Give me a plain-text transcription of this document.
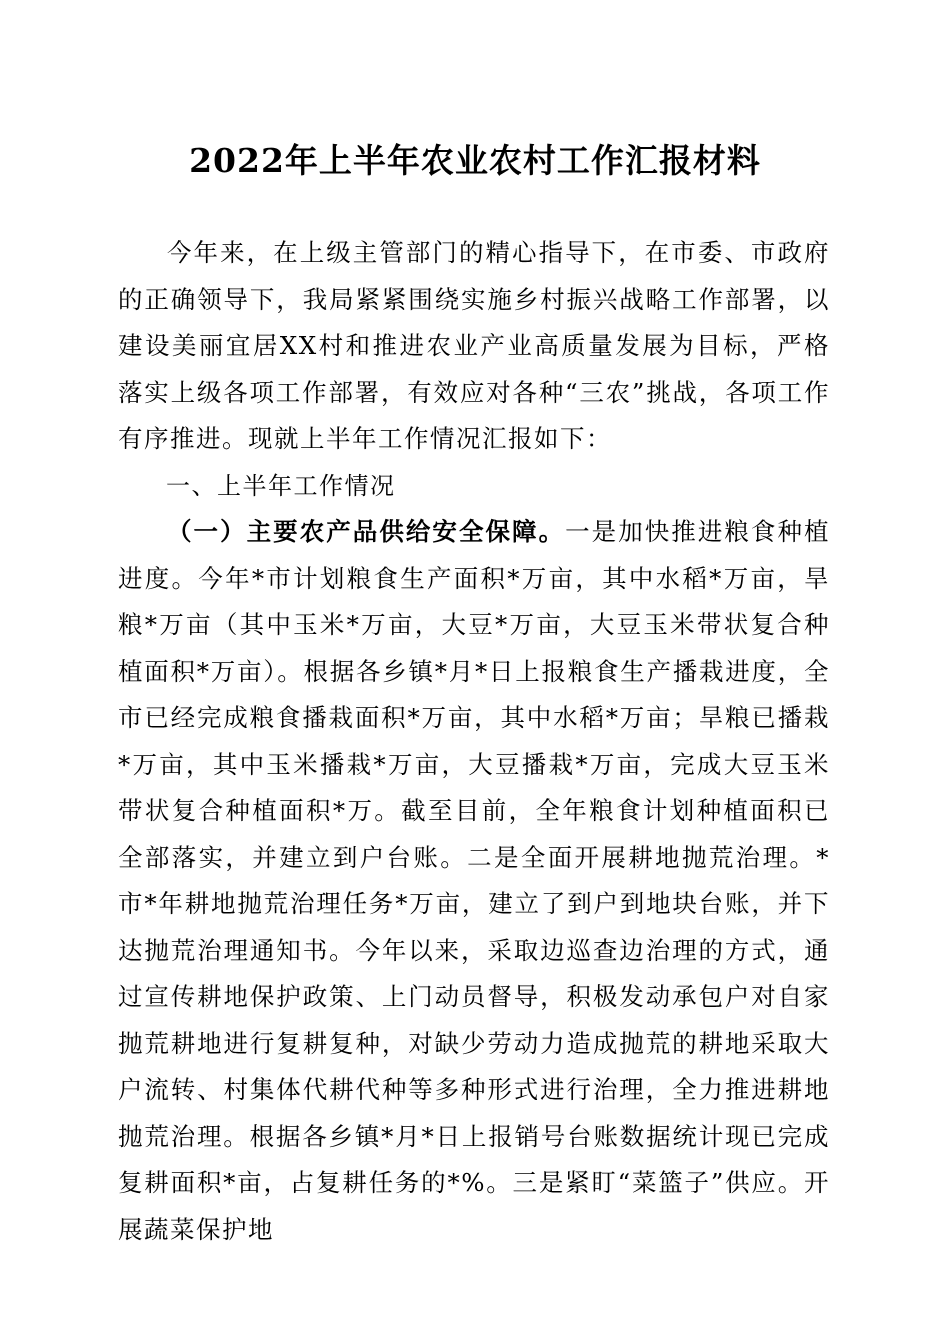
2022年上半年农业农村工作汇报材料

今年来，在上级主管部门的精心指导下，在市委、市政府的正确领导下，我局紧紧围绕实施乡村振兴战略工作部署，以建设美丽宜居XX村和推进农业产业高质量发展为目标，严格落实上级各项工作部署，有效应对各种“三农”挑战，各项工作有序推进。现就上半年工作情况汇报如下：

一、上半年工作情况

（一）主要农产品供给安全保障。一是加快推进粮食种植进度。今年*市计划粮食生产面积*万亩，其中水稻*万亩，旱粮*万亩（其中玉米*万亩，大豆*万亩，大豆玉米带状复合种植面积*万亩）。根据各乡镇*月*日上报粮食生产播栽进度，全市已经完成粮食播栽面积*万亩，其中水稻*万亩；旱粮已播栽*万亩，其中玉米播栽*万亩，大豆播栽*万亩，完成大豆玉米带状复合种植面积*万。截至目前，全年粮食计划种植面积已全部落实，并建立到户台账。二是全面开展耕地抛荒治理。*市*年耕地抛荒治理任务*万亩，建立了到户到地块台账，并下达抛荒治理通知书。今年以来，采取边巡查边治理的方式，通过宣传耕地保护政策、上门动员督导，积极发动承包户对自家抛荒耕地进行复耕复种，对缺少劳动力造成抛荒的耕地采取大户流转、村集体代耕代种等多种形式进行治理，全力推进耕地抛荒治理。根据各乡镇*月*日上报销号台账数据统计现已完成复耕面积*亩，占复耕任务的*%。三是紧盯“菜篮子”供应。开展蔬菜保护地
